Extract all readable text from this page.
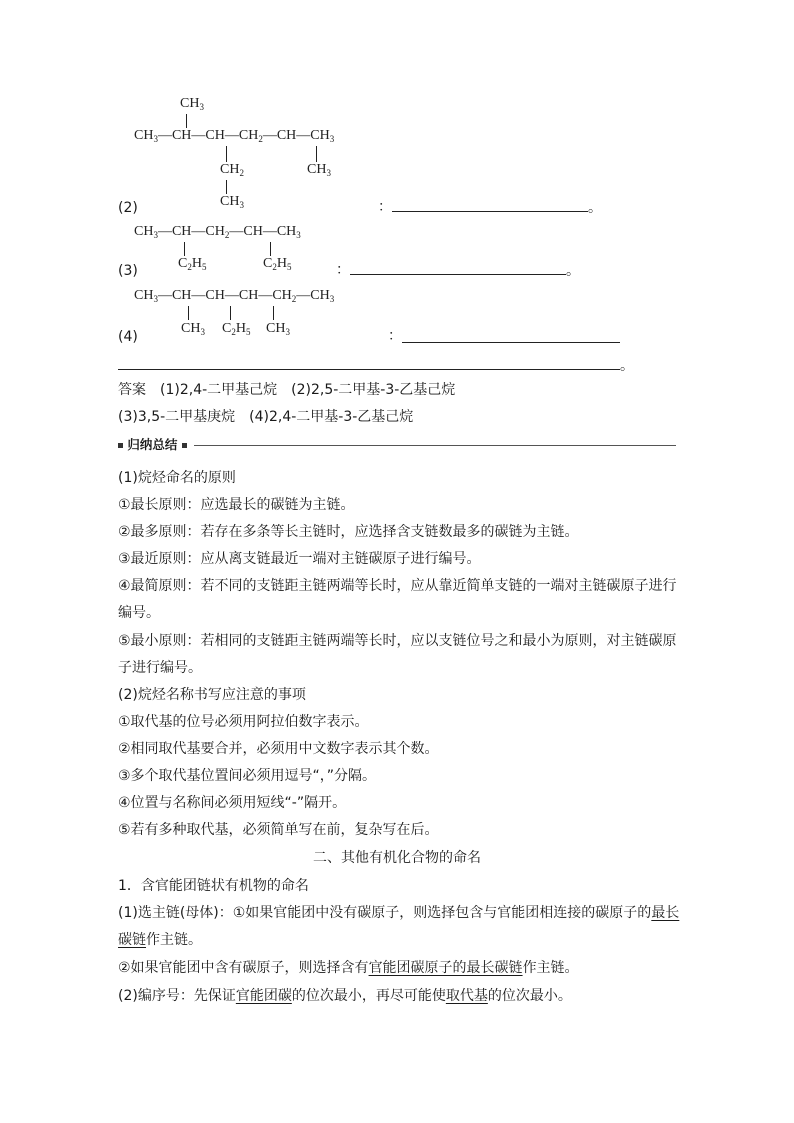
$CH_3$
$CH_3—CH—CH—CH_2—CH—CH_3$
$CH_2$	$CH_3$
$CH_3$
(2)	：	。
$CH_3—CH—CH_2—CH—CH_3$
$C_2H_5$	$C_2H_5$
(3)	：	。
$CH_3—CH—CH—CH—CH_2—CH_3$
$CH_3$ $C_2H_5$ $CH_3$
(4)	：
。
答案　(1)2,4-二甲基己烷　(2)2,5-二甲基-3-乙基己烷
(3)3,5-二甲基庚烷　(4)2,4-二甲基-3-乙基己烷
归纳总结
(1)烷烃命名的原则
①最长原则：应选最长的碳链为主链。
②最多原则：若存在多条等长主链时，应选择含支链数最多的碳链为主链。
③最近原则：应从离支链最近一端对主链碳原子进行编号。
④最简原则：若不同的支链距主链两端等长时，应从靠近简单支链的一端对主链碳原子进行
编号。
⑤最小原则：若相同的支链距主链两端等长时，应以支链位号之和最小为原则，对主链碳原
子进行编号。
(2)烷烃名称书写应注意的事项
①取代基的位号必须用阿拉伯数字表示。
②相同取代基要合并，必须用中文数字表示其个数。
③多个取代基位置间必须用逗号“，”分隔。
④位置与名称间必须用短线“-”隔开。
⑤若有多种取代基，必须简单写在前，复杂写在后。
二、其他有机化合物的命名
1．含官能团链状有机物的命名
(1)选主链(母体)：①如果官能团中没有碳原子，则选择包含与官能团相连接的碳原子的最长
碳链作主链。
②如果官能团中含有碳原子，则选择含有官能团碳原子的最长碳链作主链。
(2)编序号：先保证官能团碳的位次最小，再尽可能使取代基的位次最小。
